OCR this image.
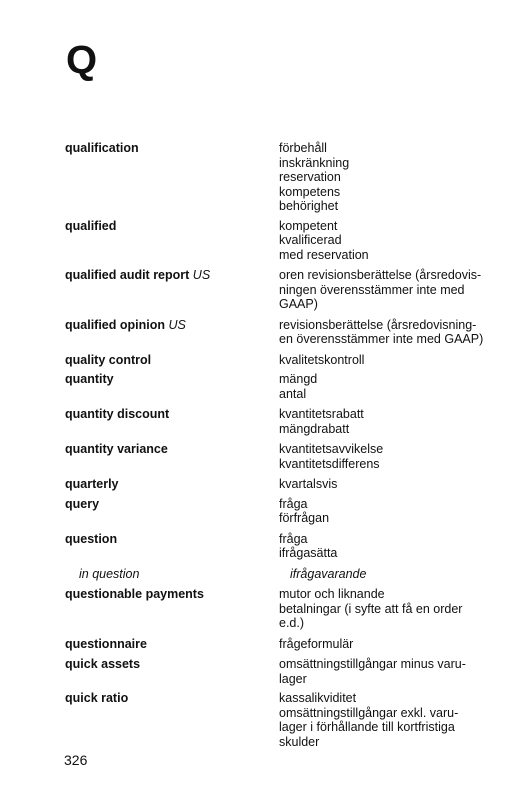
Q
qualification	förbehåll
inskränkning
reservation
kompetens
behörighet
qualified	kompetent
kvalificerad
med reservation
qualified audit report US	oren revisionsberättelse (årsredovis-
ningen överensstämmer inte med
GAAP)
qualified opinion US	revisionsberättelse (årsredovisning-
en överensstämmer inte med GAAP)
quality control	kvalitetskontroll
quantity	mängd
antal
quantity discount	kvantitetsrabatt
mängdrabatt
quantity variance	kvantitetsavvikelse
kvantitetsdifferens
quarterly	kvartalsvis
query	fråga
förfrågan
question	fråga
ifrågasätta
in question	ifrågavarande
questionable payments	mutor och liknande
betalningar (i syfte att få en order
e.d.)
questionnaire	frågeformulär
quick assets	omsättningstillgångar minus varu-
lager
quick ratio	kassalikviditet
omsättningstillgångar exkl. varu-
lager i förhållande till kortfristiga
skulder
326
